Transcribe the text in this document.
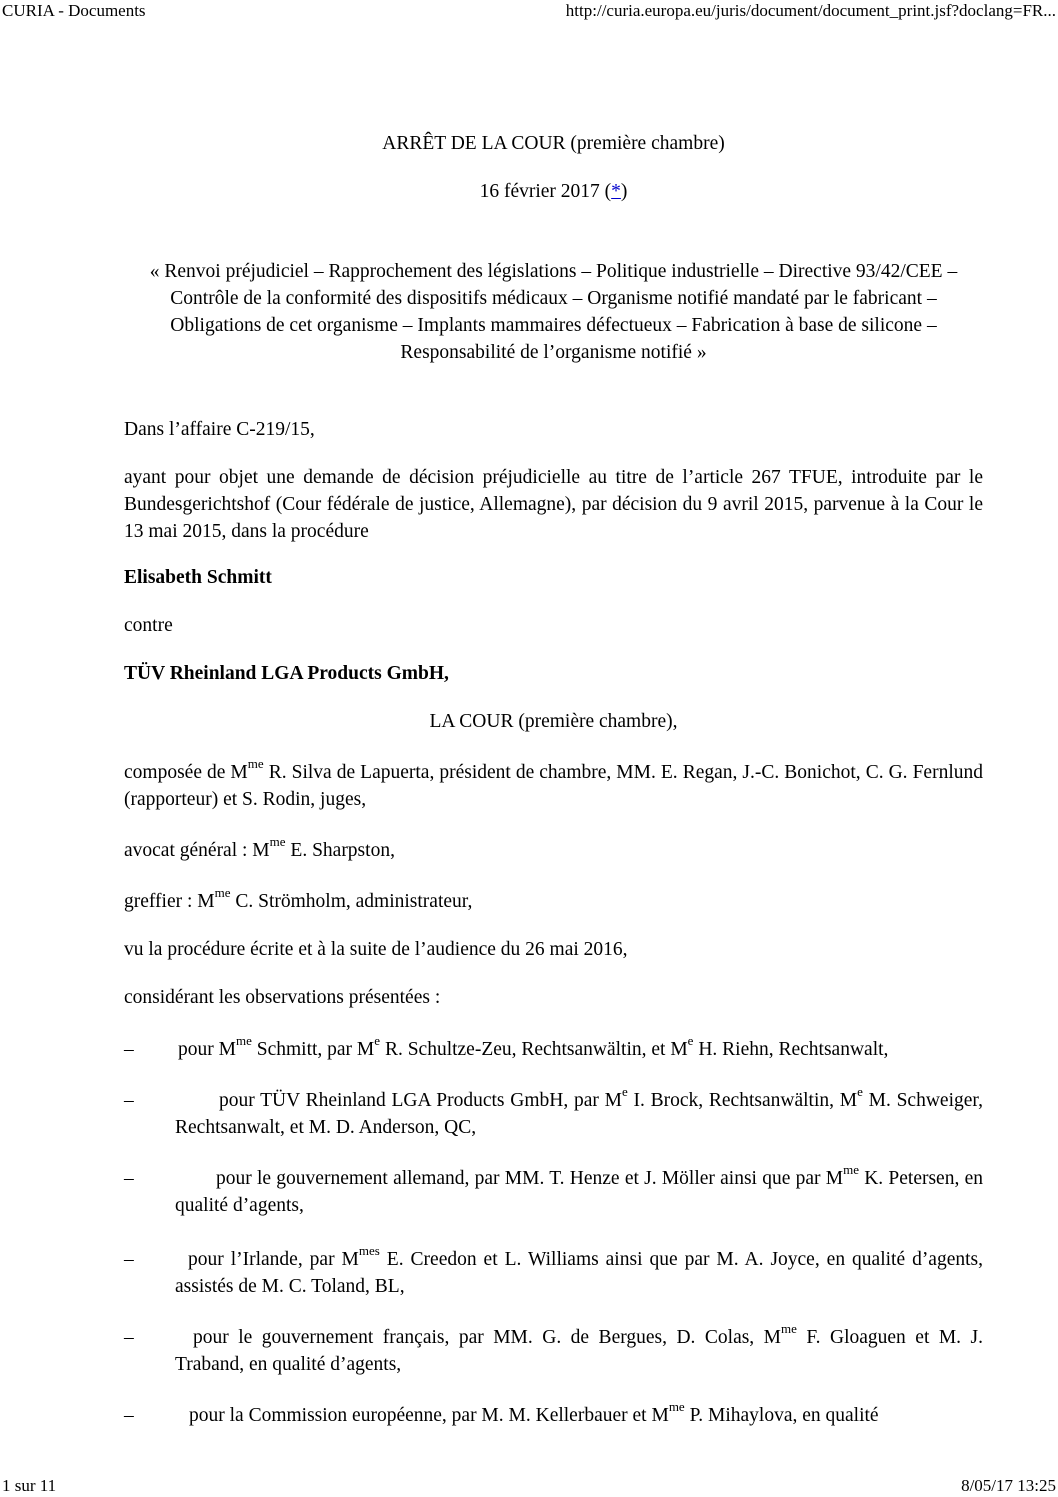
CURIA - Documents	http://curia.europa.eu/juris/document/document_print.jsf?doclang=FR...
ARRÊT DE LA COUR (première chambre)
16 février 2017 (*)
« Renvoi préjudiciel – Rapprochement des législations – Politique industrielle – Directive 93/42/CEE – Contrôle de la conformité des dispositifs médicaux – Organisme notifié mandaté par le fabricant – Obligations de cet organisme – Implants mammaires défectueux – Fabrication à base de silicone – Responsabilité de l’organisme notifié »
Dans l’affaire C-219/15,
ayant pour objet une demande de décision préjudicielle au titre de l’article 267 TFUE, introduite par le Bundesgerichtshof (Cour fédérale de justice, Allemagne), par décision du 9 avril 2015, parvenue à la Cour le 13 mai 2015, dans la procédure
Elisabeth Schmitt
contre
TÜV Rheinland LGA Products GmbH,
LA COUR (première chambre),
composée de $M^{me}$ R. Silva de Lapuerta, président de chambre, MM. E. Regan, J.-C. Bonichot, C. G. Fernlund (rapporteur) et S. Rodin, juges,
avocat général : $M^{me}$ E. Sharpston,
greffier : $M^{me}$ C. Strömholm, administrateur,
vu la procédure écrite et à la suite de l’audience du 26 mai 2016,
considérant les observations présentées :
– pour $M^{me}$ Schmitt, par Me R. Schultze-Zeu, Rechtsanwältin, et Me H. Riehn, Rechtsanwalt,
–	pour TÜV Rheinland LGA Products GmbH, par Me I. Brock, Rechtsanwältin, Me M. Schweiger, Rechtsanwalt, et M. D. Anderson, QC,
–	pour le gouvernement allemand, par MM. T. Henze et J. Möller ainsi que par $M^{me}$ K. Petersen, en qualité d’agents,
–	pour l’Irlande, par $M^{mes}$ E. Creedon et L. Williams ainsi que par M. A. Joyce, en qualité d’agents, assistés de M. C. Toland, BL,
–	pour le gouvernement français, par MM. G. de Bergues, D. Colas, $M^{me}$ F. Gloaguen et M. J. Traband, en qualité d’agents,
–	pour la Commission européenne, par M. M. Kellerbauer et $M^{me}$ P. Mihaylova, en qualité
1 sur 11	8/05/17 13:25
